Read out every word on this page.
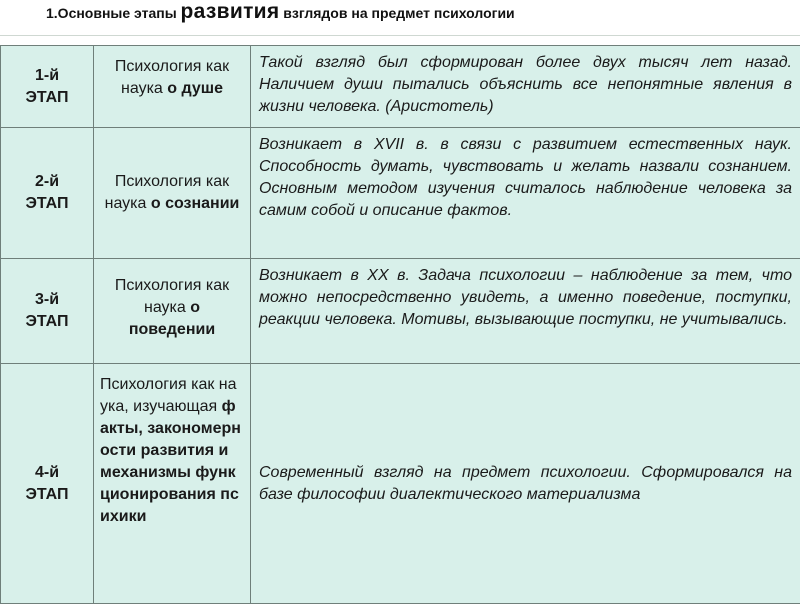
1.Основные этапы развития взглядов на предмет психологии
1-й
ЭТАП	Психология как наука о душе	Такой взгляд был сформирован более двух тысяч лет назад. Наличием души пытались объяснить все непонятные явления в жизни человека. (Аристотель)

2-й
ЭТАП	Психология как наука о сознании	Возникает в XVII в. в связи с развитием естественных наук. Способность думать, чувствовать и желать назвали сознанием. Основным методом изучения считалось наблюдение человека за самим собой и описание фактов.

3-й
ЭТАП	Психология как наука о поведении	Возникает в XX в. Задача психологии – наблюдение за тем, что можно непосредственно увидеть, а именно поведение, поступки, реакции человека. Мотивы, вызывающие поступки, не учитывались.

4-й
ЭТАП	Психология как наука, изучающая факты, закономерности развития и механизмы функционирования психики	Современный взгляд на предмет психологии. Сформировался на базе философии диалектического материализма
